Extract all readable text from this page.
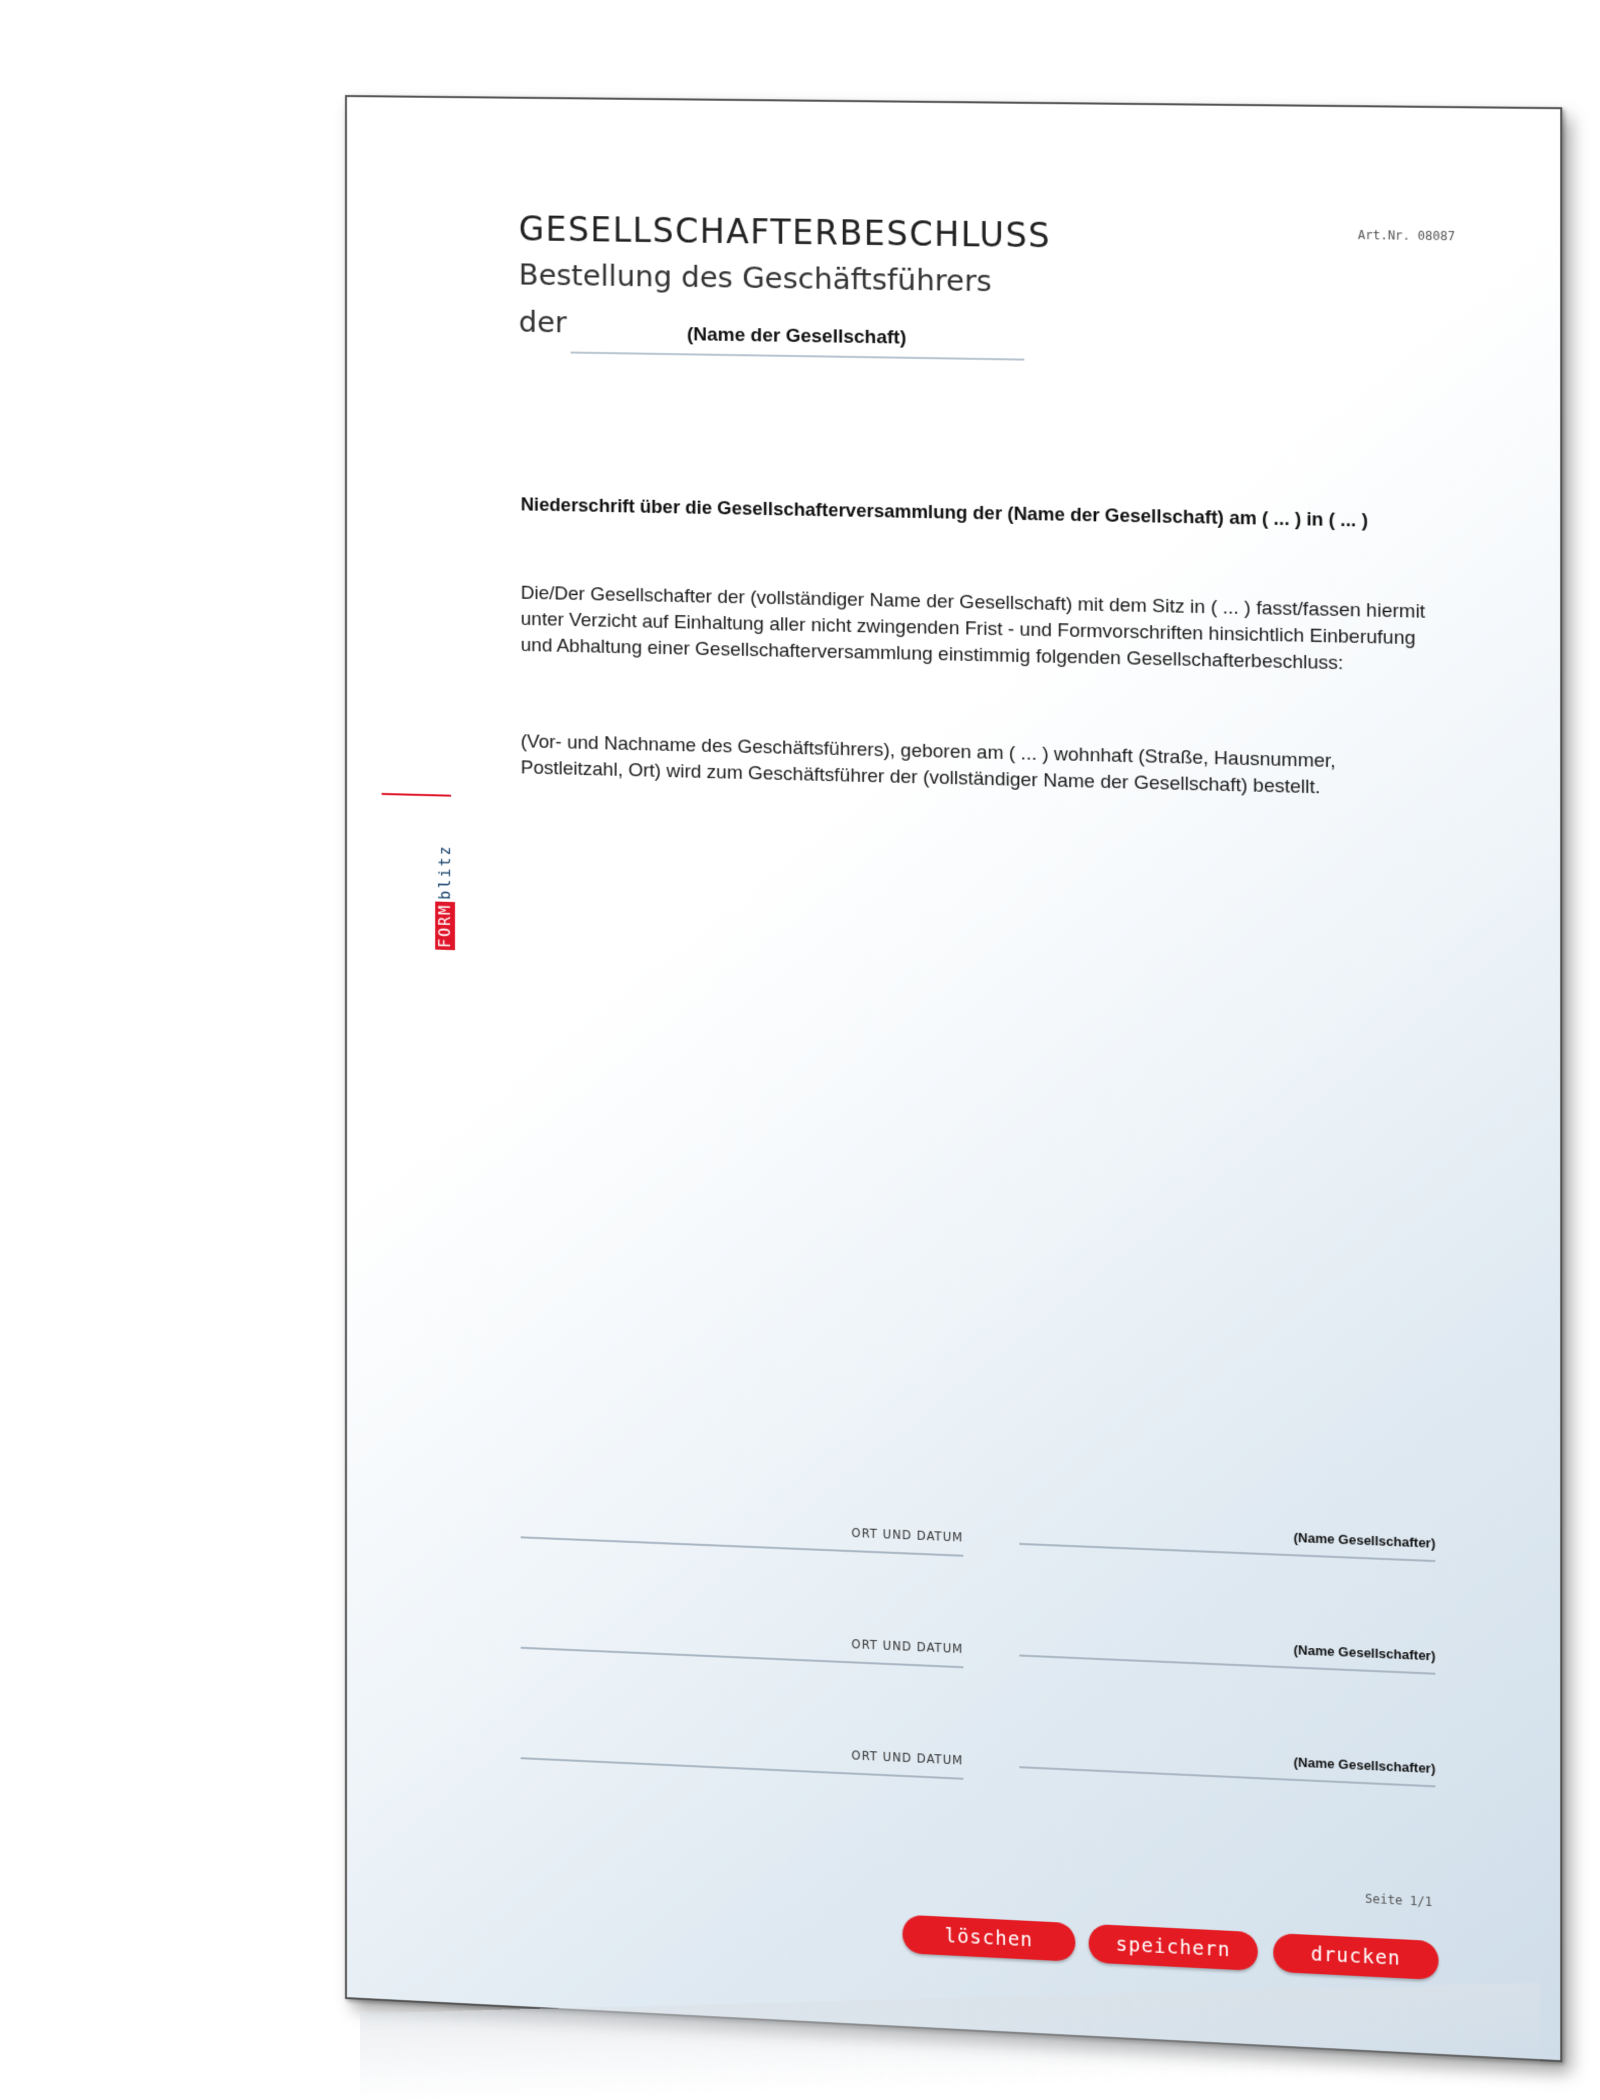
GESELLSCHAFTERBESCHLUSS
Bestellung des Geschäftsführers
der	(Name der Gesellschaft)
Art.Nr. 08087
Niederschrift über die Gesellschafterversammlung der (Name der Gesellschaft) am ( ... ) in ( ... )
Die/Der Gesellschafter der (vollständiger Name der Gesellschaft) mit dem Sitz in ( ... ) fasst/fassen hiermit unter Verzicht auf Einhaltung aller nicht zwingenden Frist - und Formvorschriften hinsichtlich Einberufung und Abhaltung einer Gesellschafterversammlung einstimmig folgenden Gesellschafterbeschluss:
(Vor- und Nachname des Geschäftsführers), geboren am ( ... ) wohnhaft (Straße, Hausnummer, Postleitzahl, Ort) wird zum Geschäftsführer der (vollständiger Name der Gesellschaft) bestellt.
FORMblitz
ORT UND DATUM	(Name Gesellschafter)
ORT UND DATUM	(Name Gesellschafter)
ORT UND DATUM	(Name Gesellschafter)
Seite 1/1
löschen	speichern	drucken
